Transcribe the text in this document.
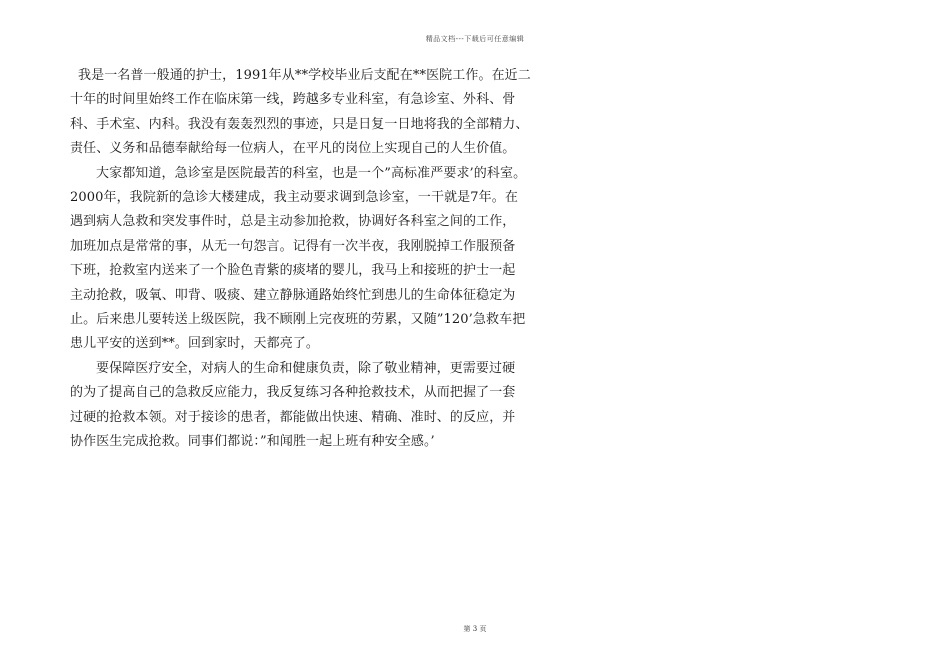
精品文档---下载后可任意编辑
我是一名普一般通的护士，1991年从**学校毕业后支配在**医院工作。在近二
十年的时间里始终工作在临床第一线，跨越多专业科室，有急诊室、外科、骨
科、手术室、内科。我没有轰轰烈烈的事迹，只是日复一日地将我的全部精力、
责任、义务和品德奉献给每一位病人，在平凡的岗位上实现自己的人生价值。
大家都知道，急诊室是医院最苦的科室，也是一个”高标准严要求’的科室。
2000年，我院新的急诊大楼建成，我主动要求调到急诊室，一干就是7年。在
遇到病人急救和突发事件时，总是主动参加抢救，协调好各科室之间的工作，
加班加点是常常的事，从无一句怨言。记得有一次半夜，我刚脱掉工作服预备
下班，抢救室内送来了一个脸色青紫的痰堵的婴儿，我马上和接班的护士一起
主动抢救，吸氧、叩背、吸痰、建立静脉通路始终忙到患儿的生命体征稳定为
止。后来患儿要转送上级医院，我不顾刚上完夜班的劳累，又随”120’急救车把
患儿平安的送到**。回到家时，天都亮了。
要保障医疗安全，对病人的生命和健康负责，除了敬业精神，更需要过硬
的为了提高自己的急救反应能力，我反复练习各种抢救技术，从而把握了一套
过硬的抢救本领。对于接诊的患者，都能做出快速、精确、准时、的反应，并
协作医生完成抢救。同事们都说：”和闻胜一起上班有种安全感。’
第 3 页
